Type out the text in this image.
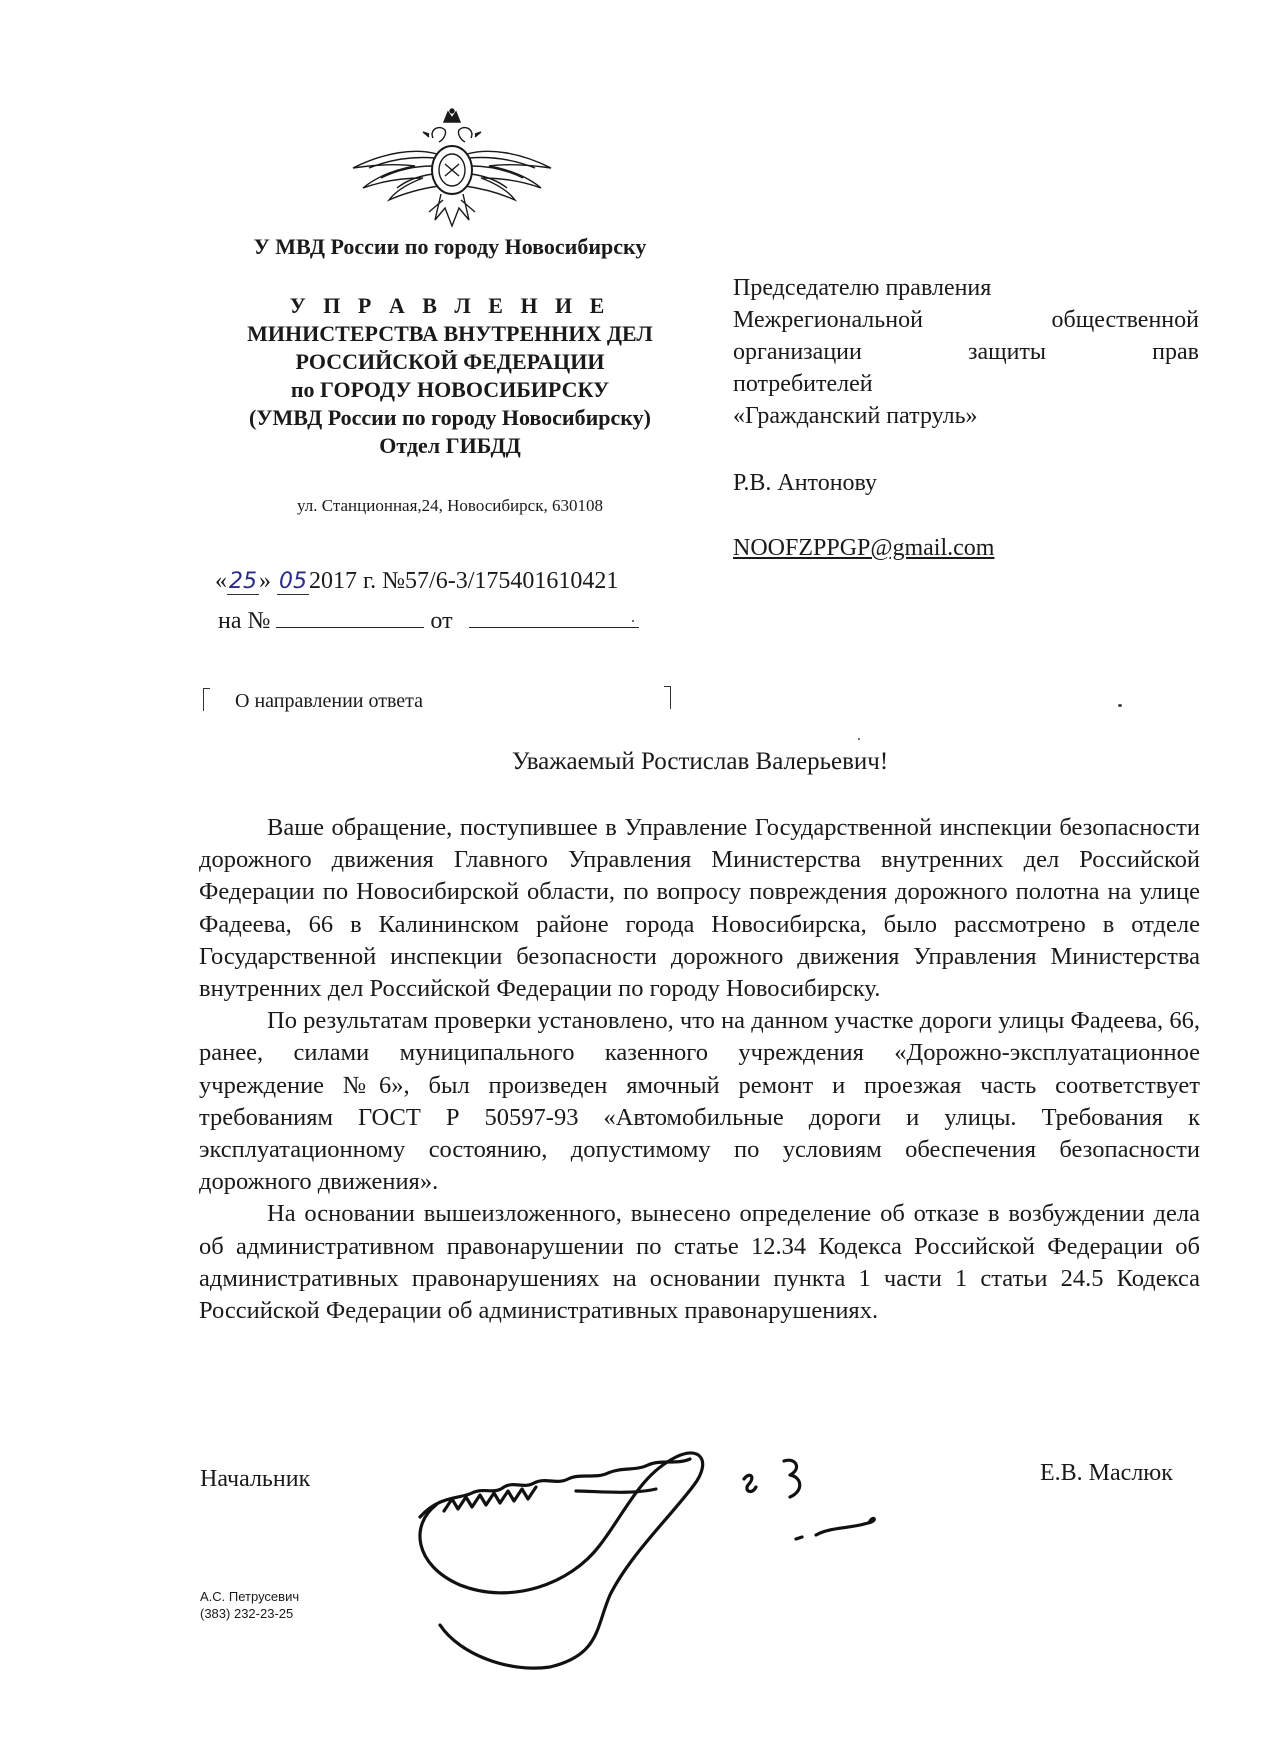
У МВД России по городу Новосибирску
У П Р А В Л Е Н И Е
МИНИСТЕРСТВА ВНУТРЕННИХ ДЕЛ
РОССИЙСКОЙ ФЕДЕРАЦИИ
по ГОРОДУ НОВОСИБИРСКУ
(УМВД России по городу Новосибирску)
Отдел ГИБДД
ул. Станционная,24, Новосибирск, 630108
«25» 052017 г. №57/6-3/175401610421
на №	от
О направлении ответа
Председателю правления
Межрегиональной	общественной
организации	защиты	прав
потребителей
«Гражданский патруль»
Р.В. Антонову
NOOFZPPGP@gmail.com
Уважаемый Ростислав Валерьевич!

Ваше обращение, поступившее в Управление Государственной инспекции безопасности дорожного движения Главного Управления Министерства внутренних дел Российской Федерации по Новосибирской области, по вопросу повреждения дорожного полотна на улице Фадеева, 66 в Калининском районе города Новосибирска, было рассмотрено в отделе Государственной инспекции безопасности дорожного движения Управления Министерства внутренних дел Российской Федерации по городу Новосибирску.

По результатам проверки установлено, что на данном участке дороги улицы Фадеева, 66, ранее, силами муниципального казенного учреждения «Дорожно-эксплуатационное учреждение №6», был произведен ямочный ремонт и проезжая часть соответствует требованиям ГОСТ Р 50597-93 «Автомобильные дороги и улицы. Требования к эксплуатационному состоянию, допустимому по условиям обеспечения безопасности дорожного движения».

На основании вышеизложенного, вынесено определение об отказе в возбуждении дела об административном правонарушении по статье 12.34 Кодекса Российской Федерации об административных правонарушениях на основании пункта 1 части 1 статьи 24.5 Кодекса Российской Федерации об административных правонарушениях.

Начальник	Е.В. Маслюк
А.С. Петрусевич
(383) 232-23-25
